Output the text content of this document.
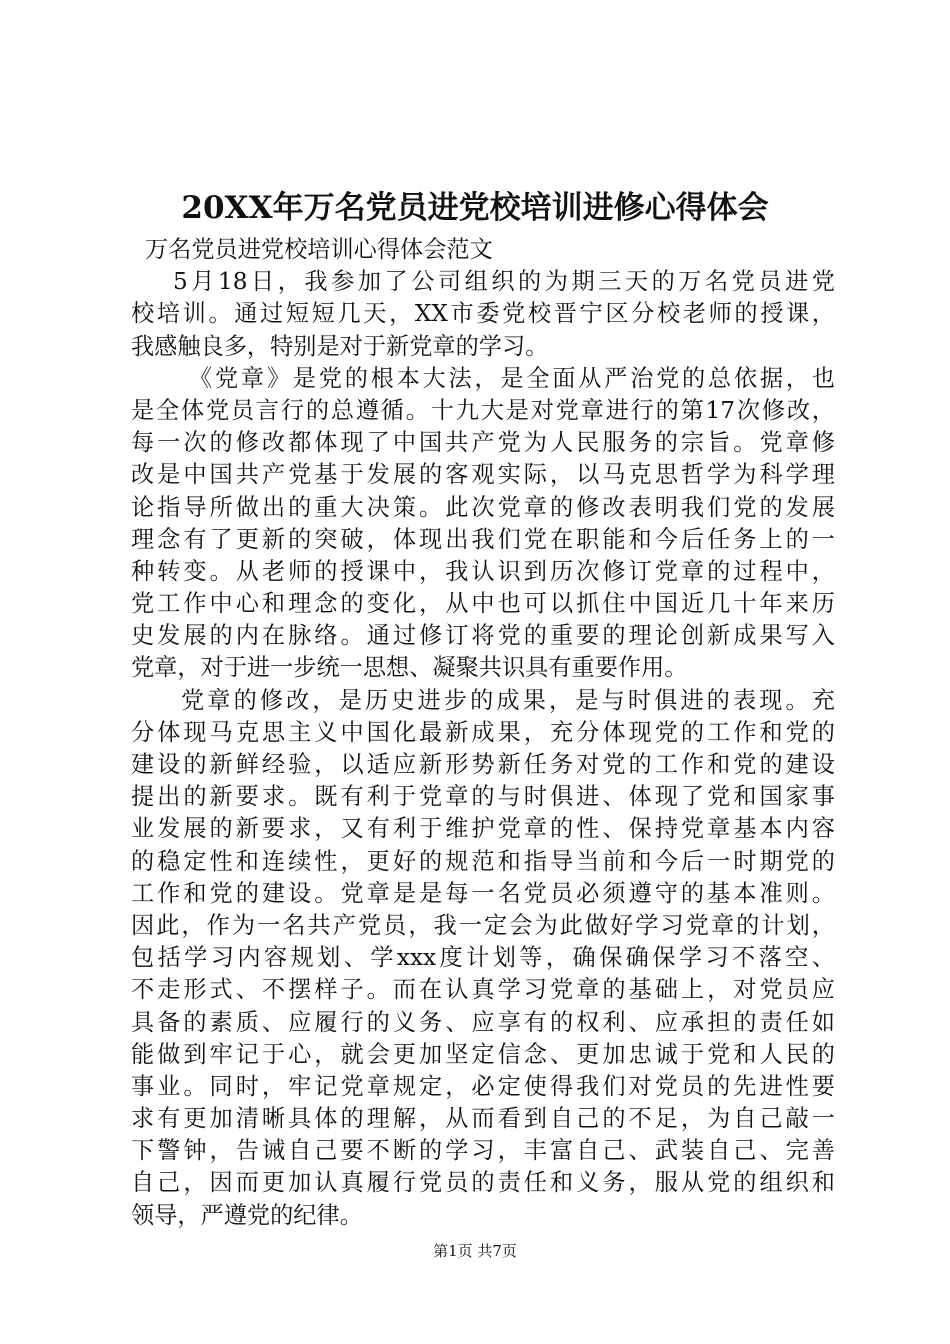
20XX年万名党员进党校培训进修心得体会
万名党员进党校培训心得体会范文
5月18日，我参加了公司组织的为期三天的万名党员进党
校培训。通过短短几天，XX市委党校晋宁区分校老师的授课，
我感触良多，特别是对于新党章的学习。
《党章》是党的根本大法，是全面从严治党的总依据，也
是全体党员言行的总遵循。十九大是对党章进行的第17次修改，
每一次的修改都体现了中国共产党为人民服务的宗旨。党章修
改是中国共产党基于发展的客观实际，以马克思哲学为科学理
论指导所做出的重大决策。此次党章的修改表明我们党的发展
理念有了更新的突破，体现出我们党在职能和今后任务上的一
种转变。从老师的授课中，我认识到历次修订党章的过程中，
党工作中心和理念的变化，从中也可以抓住中国近几十年来历
史发展的内在脉络。通过修订将党的重要的理论创新成果写入
党章，对于进一步统一思想、凝聚共识具有重要作用。
党章的修改，是历史进步的成果，是与时俱进的表现。充
分体现马克思主义中国化最新成果，充分体现党的工作和党的
建设的新鲜经验，以适应新形势新任务对党的工作和党的建设
提出的新要求。既有利于党章的与时俱进、体现了党和国家事
业发展的新要求，又有利于维护党章的性、保持党章基本内容
的稳定性和连续性，更好的规范和指导当前和今后一时期党的
工作和党的建设。党章是是每一名党员必须遵守的基本准则。
因此，作为一名共产党员，我一定会为此做好学习党章的计划，
包括学习内容规划、学xxx度计划等，确保确保学习不落空、
不走形式、不摆样子。而在认真学习党章的基础上，对党员应
具备的素质、应履行的义务、应享有的权利、应承担的责任如
能做到牢记于心，就会更加坚定信念、更加忠诚于党和人民的
事业。同时，牢记党章规定，必定使得我们对党员的先进性要
求有更加清晰具体的理解，从而看到自己的不足，为自己敲一
下警钟，告诫自己要不断的学习，丰富自己、武装自己、完善
自己，因而更加认真履行党员的责任和义务，服从党的组织和
领导，严遵党的纪律。
第1页 共7页
